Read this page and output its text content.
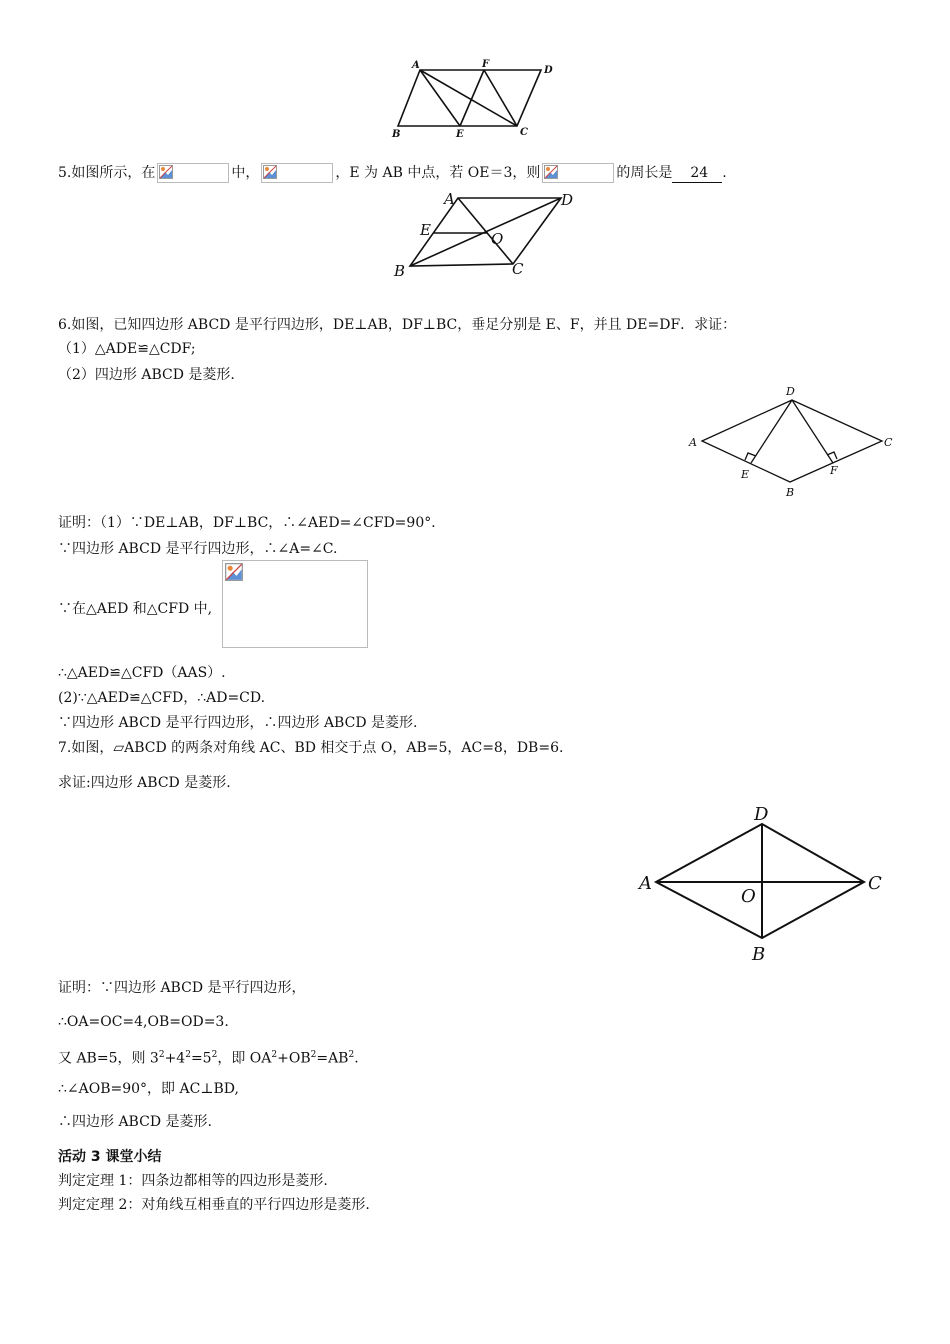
A	F
D
B	E	C
5.如图所示，在	中，	，E 为 AB 中点，若 OE＝3，则	的周长是 24 .
A	D
E	O
B	C
6.如图，已知四边形 ABCD 是平行四边形，DE⊥AB，DF⊥BC，垂足分别是 E、F，并且 DE=DF．求证：
（1）△ADE≌△CDF;
（2）四边形 ABCD 是菱形.
D
A	C
E	F
B
证明：（1）∵DE⊥AB，DF⊥BC，∴∠AED=∠CFD=90°．
∵四边形 ABCD 是平行四边形，∴∠A=∠C.
∵在△AED 和△CFD 中,
∴△AED≌△CFD（AAS）.
(2)∵△AED≌△CFD，∴AD=CD.
∵四边形 ABCD 是平行四边形，∴四边形 ABCD 是菱形.
7.如图，▱ABCD 的两条对角线 AC、BD 相交于点 O，AB=5，AC=8，DB=6.
求证:四边形 ABCD 是菱形.
D
A
O
C
B
证明：∵四边形 ABCD 是平行四边形，
∴OA=OC=4,OB=OD=3.
又 AB=5，则 $3^2+4^2=5^2$，即 $OA^2+OB^2=AB^2$.
∴∠AOB=90°，即 AC⊥BD,
∴四边形 ABCD 是菱形.
活动 3 课堂小结
判定定理 1：四条边都相等的四边形是菱形.
判定定理 2：对角线互相垂直的平行四边形是菱形.
